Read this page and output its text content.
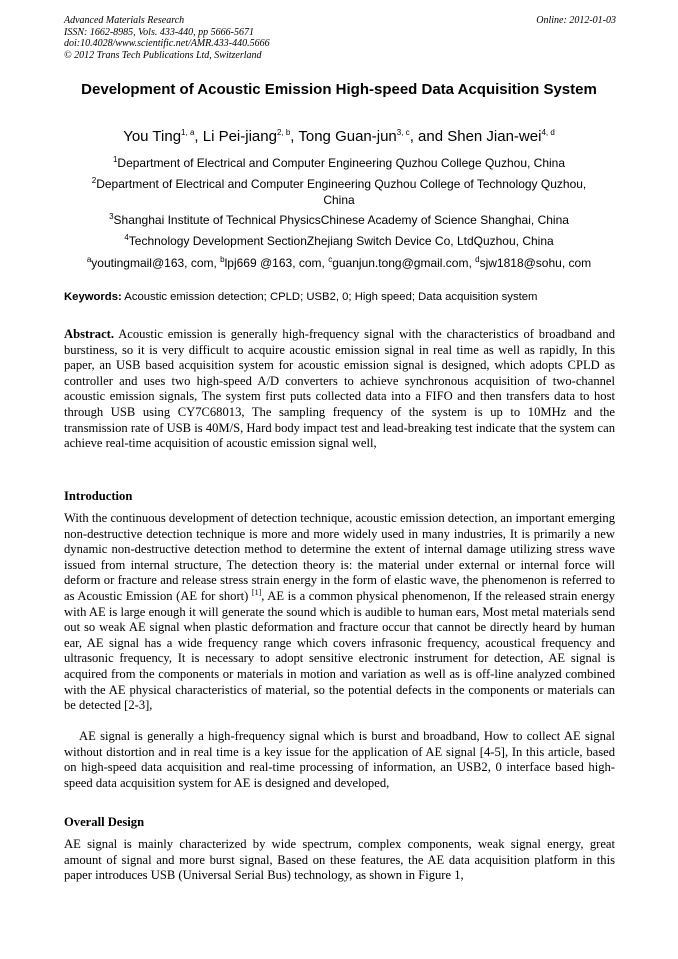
Advanced Materials Research
ISSN: 1662-8985, Vols. 433-440, pp 5666-5671
doi:10.4028/www.scientific.net/AMR.433-440.5666
© 2012 Trans Tech Publications Ltd, Switzerland
Online: 2012-01-03
Development of Acoustic Emission High-speed Data Acquisition System
You Ting$^{1, a}$, Li Pei-jiang$^{2, b}$, Tong Guan-jun$^{3, c}$, and Shen Jian-wei$^{4, d}$
$^1$Department of Electrical and Computer Engineering Quzhou College Quzhou, China
$^2$Department of Electrical and Computer Engineering Quzhou College of Technology Quzhou, China
$^3$Shanghai Institute of Technical PhysicsChinese Academy of Science Shanghai, China
$^4$Technology Development SectionZhejiang Switch Device Co, LtdQuzhou, China
$^a$youtingmail@163, com, $^b$lpj669 @163, com, $^c$guanjun.tong@gmail.com, $^d$sjw1818@sohu, com
Keywords: Acoustic emission detection; CPLD; USB2, 0; High speed; Data acquisition system

Abstract. Acoustic emission is generally high-frequency signal with the characteristics of broadband and burstiness, so it is very difficult to acquire acoustic emission signal in real time as well as rapidly, In this paper, an USB based acquisition system for acoustic emission signal is designed, which adopts CPLD as controller and uses two high-speed A/D converters to achieve synchronous acquisition of two-channel acoustic emission signals, The system first puts collected data into a FIFO and then transfers data to host through USB using CY7C68013, The sampling frequency of the system is up to 10MHz and the transmission rate of USB is 40M/S, Hard body impact test and lead-breaking test indicate that the system can achieve real-time acquisition of acoustic emission signal well,

Introduction

With the continuous development of detection technique, acoustic emission detection, an important emerging non-destructive detection technique is more and more widely used in many industries, It is primarily a new dynamic non-destructive detection method to determine the extent of internal damage utilizing stress wave issued from internal structure, The detection theory is: the material under external or internal force will deform or fracture and release stress strain energy in the form of elastic wave, the phenomenon is referred to as Acoustic Emission (AE for short) [1], AE is a common physical phenomenon, If the released strain energy with AE is large enough it will generate the sound which is audible to human ears, Most metal materials send out so weak AE signal when plastic deformation and fracture occur that cannot be directly heard by human ear, AE signal has a wide frequency range which covers infrasonic frequency, acoustical frequency and ultrasonic frequency, It is necessary to adopt sensitive electronic instrument for detection, AE signal is acquired from the components or materials in motion and variation as well as is off-line analyzed combined with the AE physical characteristics of material, so the potential defects in the components or materials can be detected [2-3],

AE signal is generally a high-frequency signal which is burst and broadband, How to collect AE signal without distortion and in real time is a key issue for the application of AE signal [4-5], In this article, based on high-speed data acquisition and real-time processing of information, an USB2, 0 interface based high-speed data acquisition system for AE is designed and developed,

Overall Design

AE signal is mainly characterized by wide spectrum, complex components, weak signal energy, great amount of signal and more burst signal, Based on these features, the AE data acquisition platform in this paper introduces USB (Universal Serial Bus) technology, as shown in Figure 1,
